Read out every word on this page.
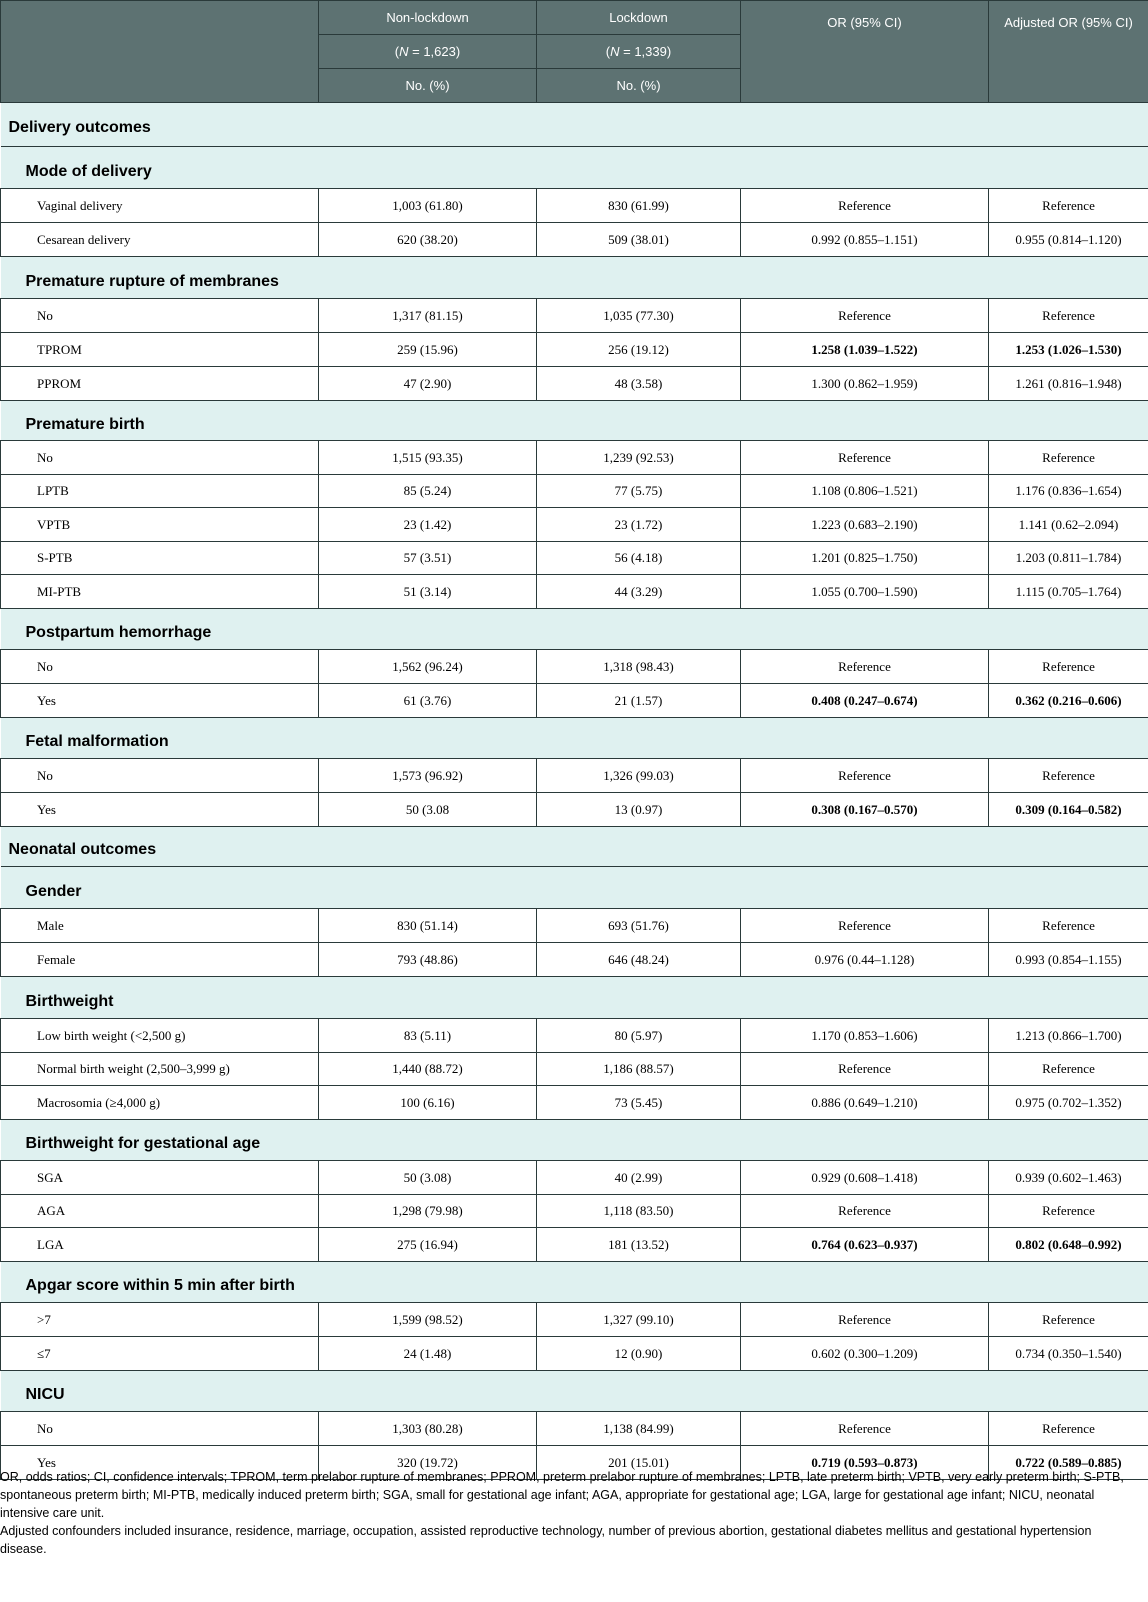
	Non-lockdown	Lockdown	OR (95% CI)	Adjusted OR (95% CI)
	(N = 1,623)	(N = 1,339)		
	No. (%)	No. (%)		
Delivery outcomes				
Mode of delivery				
Vaginal delivery	1,003 (61.80)	830 (61.99)	Reference	Reference
Cesarean delivery	620 (38.20)	509 (38.01)	0.992 (0.855–1.151)	0.955 (0.814–1.120)
Premature rupture of membranes				
No	1,317 (81.15)	1,035 (77.30)	Reference	Reference
TPROM	259 (15.96)	256 (19.12)	1.258 (1.039–1.522)	1.253 (1.026–1.530)
PPROM	47 (2.90)	48 (3.58)	1.300 (0.862–1.959)	1.261 (0.816–1.948)
Premature birth				
No	1,515 (93.35)	1,239 (92.53)	Reference	Reference
LPTB	85 (5.24)	77 (5.75)	1.108 (0.806–1.521)	1.176 (0.836–1.654)
VPTB	23 (1.42)	23 (1.72)	1.223 (0.683–2.190)	1.141 (0.62–2.094)
S-PTB	57 (3.51)	56 (4.18)	1.201 (0.825–1.750)	1.203 (0.811–1.784)
MI-PTB	51 (3.14)	44 (3.29)	1.055 (0.700–1.590)	1.115 (0.705–1.764)
Postpartum hemorrhage				
No	1,562 (96.24)	1,318 (98.43)	Reference	Reference
Yes	61 (3.76)	21 (1.57)	0.408 (0.247–0.674)	0.362 (0.216–0.606)
Fetal malformation				
No	1,573 (96.92)	1,326 (99.03)	Reference	Reference
Yes	50 (3.08	13 (0.97)	0.308 (0.167–0.570)	0.309 (0.164–0.582)
Neonatal outcomes				
Gender				
Male	830 (51.14)	693 (51.76)	Reference	Reference
Female	793 (48.86)	646 (48.24)	0.976 (0.44–1.128)	0.993 (0.854–1.155)
Birthweight				
Low birth weight (<2,500 g)	83 (5.11)	80 (5.97)	1.170 (0.853–1.606)	1.213 (0.866–1.700)
Normal birth weight (2,500–3,999 g)	1,440 (88.72)	1,186 (88.57)	Reference	Reference
Macrosomia (≥4,000 g)	100 (6.16)	73 (5.45)	0.886 (0.649–1.210)	0.975 (0.702–1.352)
Birthweight for gestational age				
SGA	50 (3.08)	40 (2.99)	0.929 (0.608–1.418)	0.939 (0.602–1.463)
AGA	1,298 (79.98)	1,118 (83.50)	Reference	Reference
LGA	275 (16.94)	181 (13.52)	0.764 (0.623–0.937)	0.802 (0.648–0.992)
Apgar score within 5 min after birth				
>7	1,599 (98.52)	1,327 (99.10)	Reference	Reference
≤7	24 (1.48)	12 (0.90)	0.602 (0.300–1.209)	0.734 (0.350–1.540)
NICU				
No	1,303 (80.28)	1,138 (84.99)	Reference	Reference
Yes	320 (19.72)	201 (15.01)	0.719 (0.593–0.873)	0.722 (0.589–0.885)

OR, odds ratios; CI, confidence intervals; TPROM, term prelabor rupture of membranes; PPROM, preterm prelabor rupture of membranes; LPTB, late preterm birth; VPTB, very early preterm birth; S-PTB, spontaneous preterm birth; MI-PTB, medically induced preterm birth; SGA, small for gestational age infant; AGA, appropriate for gestational age; LGA, large for gestational age infant; NICU, neonatal intensive care unit.

Adjusted confounders included insurance, residence, marriage, occupation, assisted reproductive technology, number of previous abortion, gestational diabetes mellitus and gestational hypertension disease.
